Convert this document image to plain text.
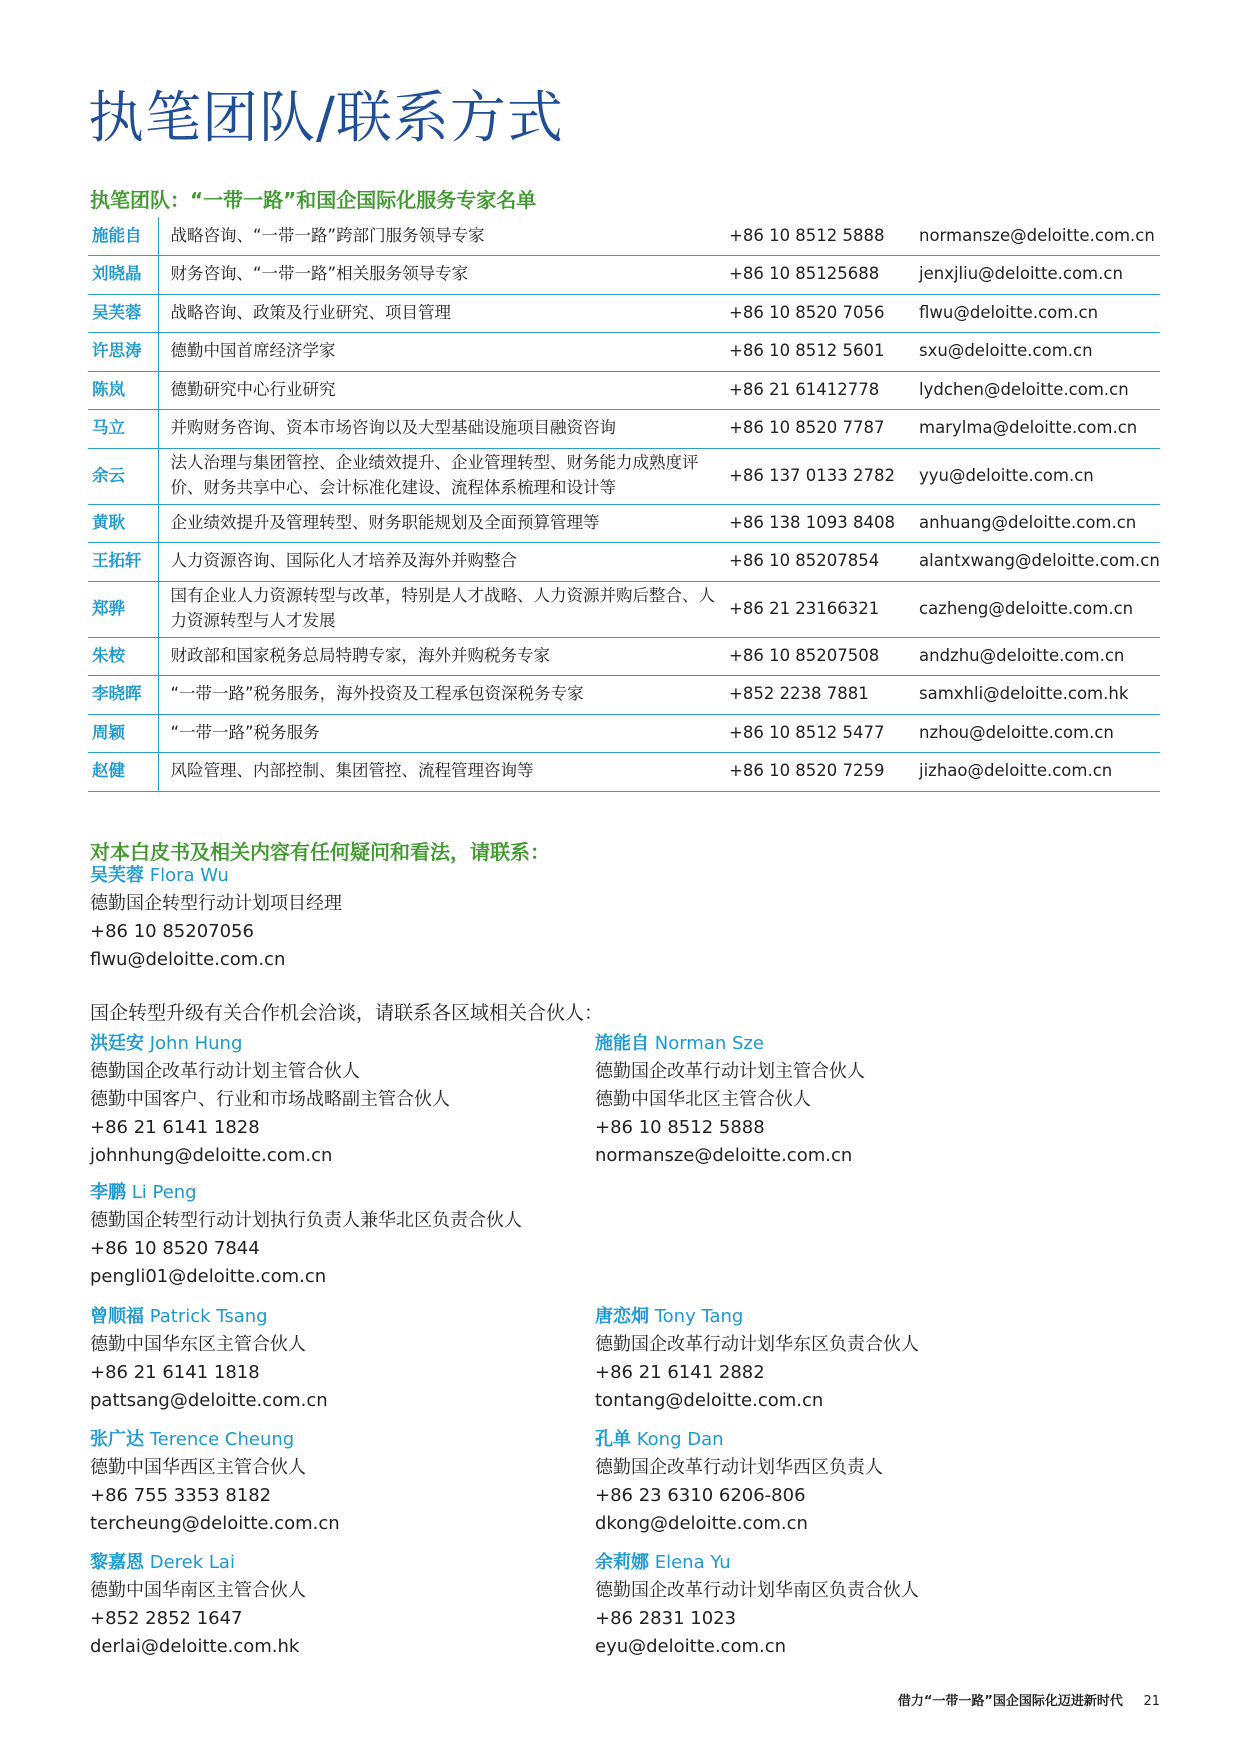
执笔团队/联系方式
执笔团队：“一带一路”和国企国际化服务专家名单
施能自	战略咨询、“一带一路”跨部门服务领导专家	+86 10 8512 5888	normansze@deloitte.com.cn
刘晓晶	财务咨询、“一带一路”相关服务领导专家	+86 10 85125688	jenxjliu@deloitte.com.cn
吴芙蓉	战略咨询、政策及行业研究、项目管理	+86 10 8520 7056	flwu@deloitte.com.cn
许思涛	德勤中国首席经济学家	+86 10 8512 5601	sxu@deloitte.com.cn
陈岚	德勤研究中心行业研究	+86 21 61412778	lydchen@deloitte.com.cn
马立	并购财务咨询、资本市场咨询以及大型基础设施项目融资咨询	+86 10 8520 7787	marylma@deloitte.com.cn
余云	法人治理与集团管控、企业绩效提升、企业管理转型、财务能力成熟度评价、财务共享中心、会计标准化建设、流程体系梳理和设计等	+86 137 0133 2782	yyu@deloitte.com.cn
黄耿	企业绩效提升及管理转型、财务职能规划及全面预算管理等	+86 138 1093 8408	anhuang@deloitte.com.cn
王拓轩	人力资源咨询、国际化人才培养及海外并购整合	+86 10 85207854	alantxwang@deloitte.com.cn
郑骅	国有企业人力资源转型与改革，特别是人才战略、人力资源并购后整合、人力资源转型与人才发展	+86 21 23166321	cazheng@deloitte.com.cn
朱桉	财政部和国家税务总局特聘专家，海外并购税务专家	+86 10 85207508	andzhu@deloitte.com.cn
李晓晖	“一带一路”税务服务，海外投资及工程承包资深税务专家	+852 2238 7881	samxhli@deloitte.com.hk
周颖	“一带一路”税务服务	+86 10 8512 5477	nzhou@deloitte.com.cn
赵健	风险管理、内部控制、集团管控、流程管理咨询等	+86 10 8520 7259	jizhao@deloitte.com.cn
对本白皮书及相关内容有任何疑问和看法，请联系：
吴芙蓉 Flora Wu
德勤国企转型行动计划项目经理
+86 10 85207056
flwu@deloitte.com.cn
国企转型升级有关合作机会洽谈，请联系各区域相关合伙人：
洪廷安 John Hung
德勤国企改革行动计划主管合伙人
德勤中国客户、行业和市场战略副主管合伙人
+86 21 6141 1828
johnhung@deloitte.com.cn
施能自 Norman Sze
德勤国企改革行动计划主管合伙人
德勤中国华北区主管合伙人
+86 10 8512 5888
normansze@deloitte.com.cn
李鹏 Li Peng
德勤国企转型行动计划执行负责人兼华北区负责合伙人
+86 10 8520 7844
pengli01@deloitte.com.cn
曾顺福 Patrick Tsang
德勤中国华东区主管合伙人
+86 21 6141 1818
pattsang@deloitte.com.cn
唐恋炯 Tony Tang
德勤国企改革行动计划华东区负责合伙人
+86 21 6141 2882
tontang@deloitte.com.cn
张广达 Terence Cheung
德勤中国华西区主管合伙人
+86 755 3353 8182
tercheung@deloitte.com.cn
孔单 Kong Dan
德勤国企改革行动计划华西区负责人
+86 23 6310 6206-806
dkong@deloitte.com.cn
黎嘉恩 Derek Lai
德勤中国华南区主管合伙人
+852 2852 1647
derlai@deloitte.com.hk
余莉娜 Elena Yu
德勤国企改革行动计划华南区负责合伙人
+86 2831 1023
eyu@deloitte.com.cn
借力“一带一路”国企国际化迈进新时代 21
